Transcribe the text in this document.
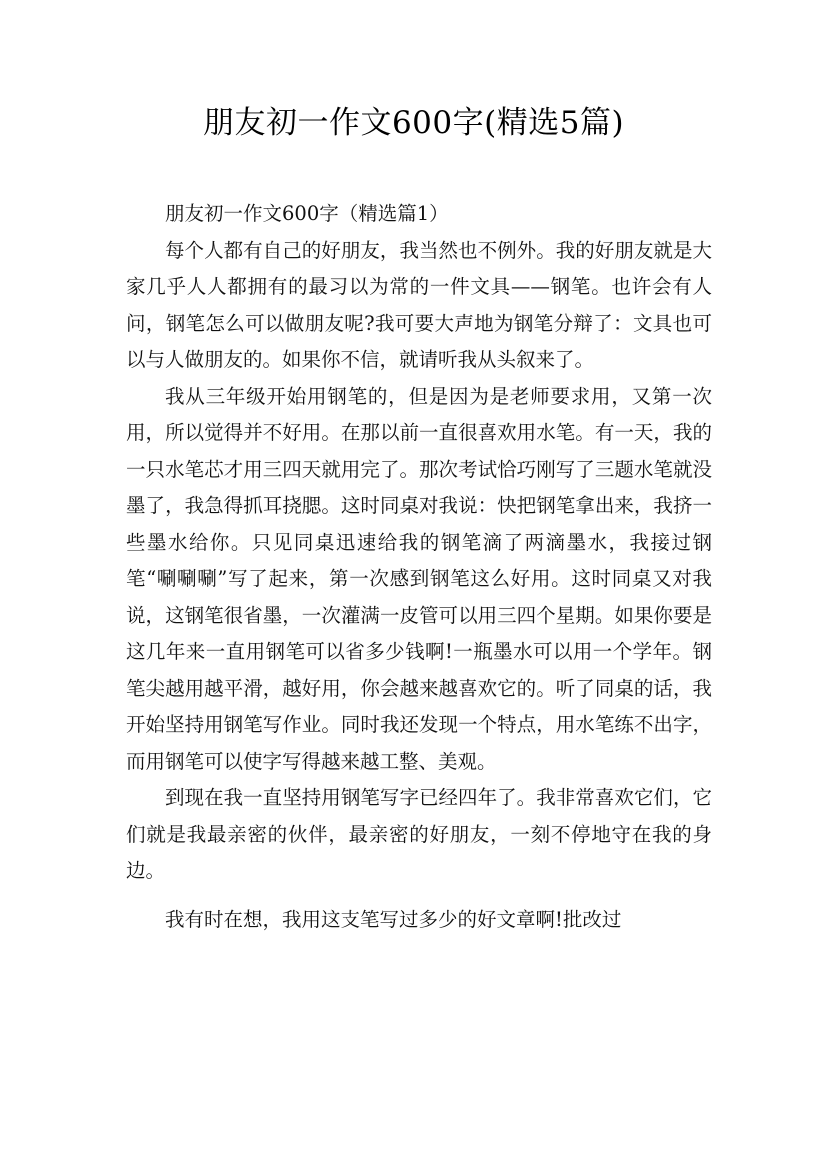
朋友初一作文600字(精选5篇)

朋友初一作文600字（精选篇1）

每个人都有自己的好朋友，我当然也不例外。我的好朋友就是大家几乎人人都拥有的最习以为常的一件文具——钢笔。也许会有人问，钢笔怎么可以做朋友呢?我可要大声地为钢笔分辩了：文具也可以与人做朋友的。如果你不信，就请听我从头叙来了。

我从三年级开始用钢笔的，但是因为是老师要求用，又第一次用，所以觉得并不好用。在那以前一直很喜欢用水笔。有一天，我的一只水笔芯才用三四天就用完了。那次考试恰巧刚写了三题水笔就没墨了，我急得抓耳挠腮。这时同桌对我说：快把钢笔拿出来，我挤一些墨水给你。只见同桌迅速给我的钢笔滴了两滴墨水，我接过钢笔“唰唰唰”写了起来，第一次感到钢笔这么好用。这时同桌又对我说，这钢笔很省墨，一次灌满一皮管可以用三四个星期。如果你要是这几年来一直用钢笔可以省多少钱啊!一瓶墨水可以用一个学年。钢笔尖越用越平滑，越好用，你会越来越喜欢它的。听了同桌的话，我开始坚持用钢笔写作业。同时我还发现一个特点，用水笔练不出字，而用钢笔可以使字写得越来越工整、美观。

到现在我一直坚持用钢笔写字已经四年了。我非常喜欢它们，它们就是我最亲密的伙伴，最亲密的好朋友，一刻不停地守在我的身边。

我有时在想，我用这支笔写过多少的好文章啊!批改过
